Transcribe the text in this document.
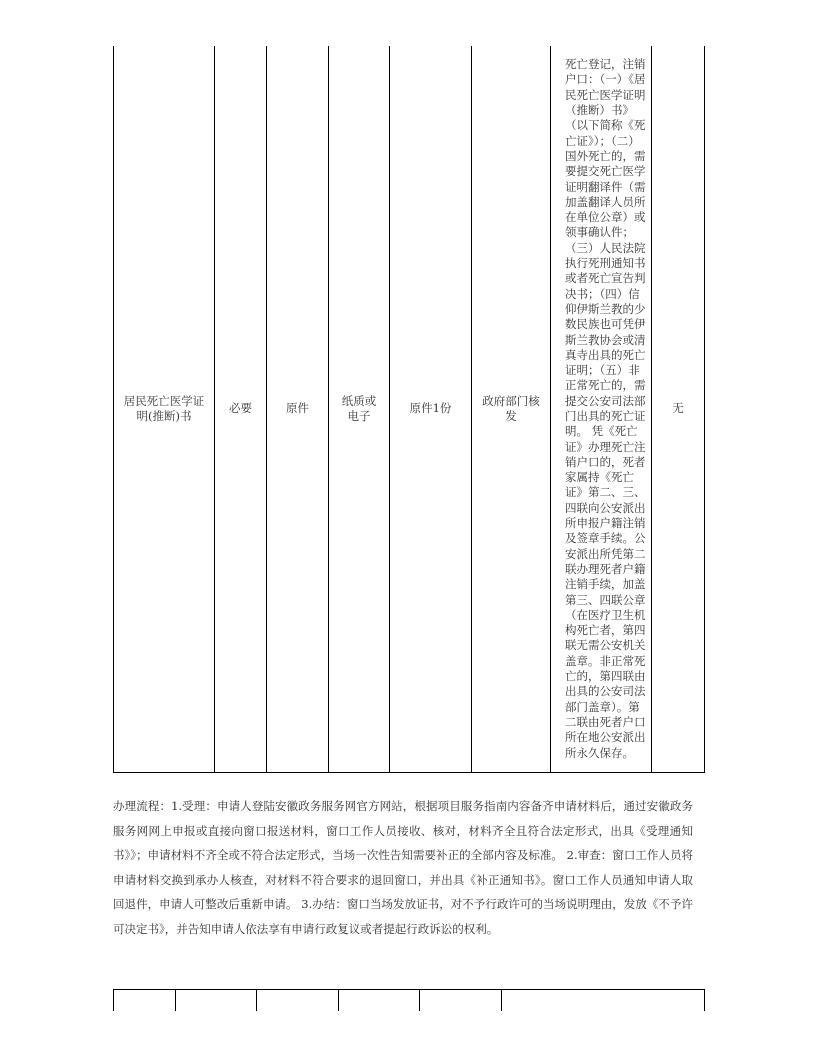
居民死亡医学证明(推断)书	必要	原件	纸质或电子	原件1份	政府部门核发	死亡登记，注销户口：（一）《居民死亡医学证明（推断）书》（以下简称《死亡证》）；（二）国外死亡的，需要提交死亡医学证明翻译件（需加盖翻译人员所在单位公章）或领事确认件；（三）人民法院执行死刑通知书或者死亡宣告判决书；（四）信仰伊斯兰教的少数民族也可凭伊斯兰教协会或清真寺出具的死亡证明；（五）非正常死亡的，需提交公安司法部门出具的死亡证明。 凭《死亡证》办理死亡注销户口的，死者家属持《死亡证》第二、三、四联向公安派出所申报户籍注销及签章手续。公安派出所凭第二联办理死者户籍注销手续，加盖第三、四联公章（在医疗卫生机构死亡者，第四联无需公安机关盖章。非正常死亡的，第四联由出具的公安司法部门盖章）。第二联由死者户口所在地公安派出所永久保存。	无
办理流程：1.受理：申请人登陆安徽政务服务网官方网站，根据项目服务指南内容备齐申请材料后，通过安徽政务服务网网上申报或直接向窗口报送材料，窗口工作人员接收、核对，材料齐全且符合法定形式，出具《受理通知书》》；申请材料不齐全或不符合法定形式，当场一次性告知需要补正的全部内容及标准。 2.审查：窗口工作人员将申请材料交换到承办人核查，对材料不符合要求的退回窗口，并出具《补正通知书》。窗口工作人员通知申请人取回退件，申请人可整改后重新申请。 3.办结：窗口当场发放证书，对不予行政许可的当场说明理由，发放《不予许可决定书》，并告知申请人依法享有申请行政复议或者提起行政诉讼的权利。
